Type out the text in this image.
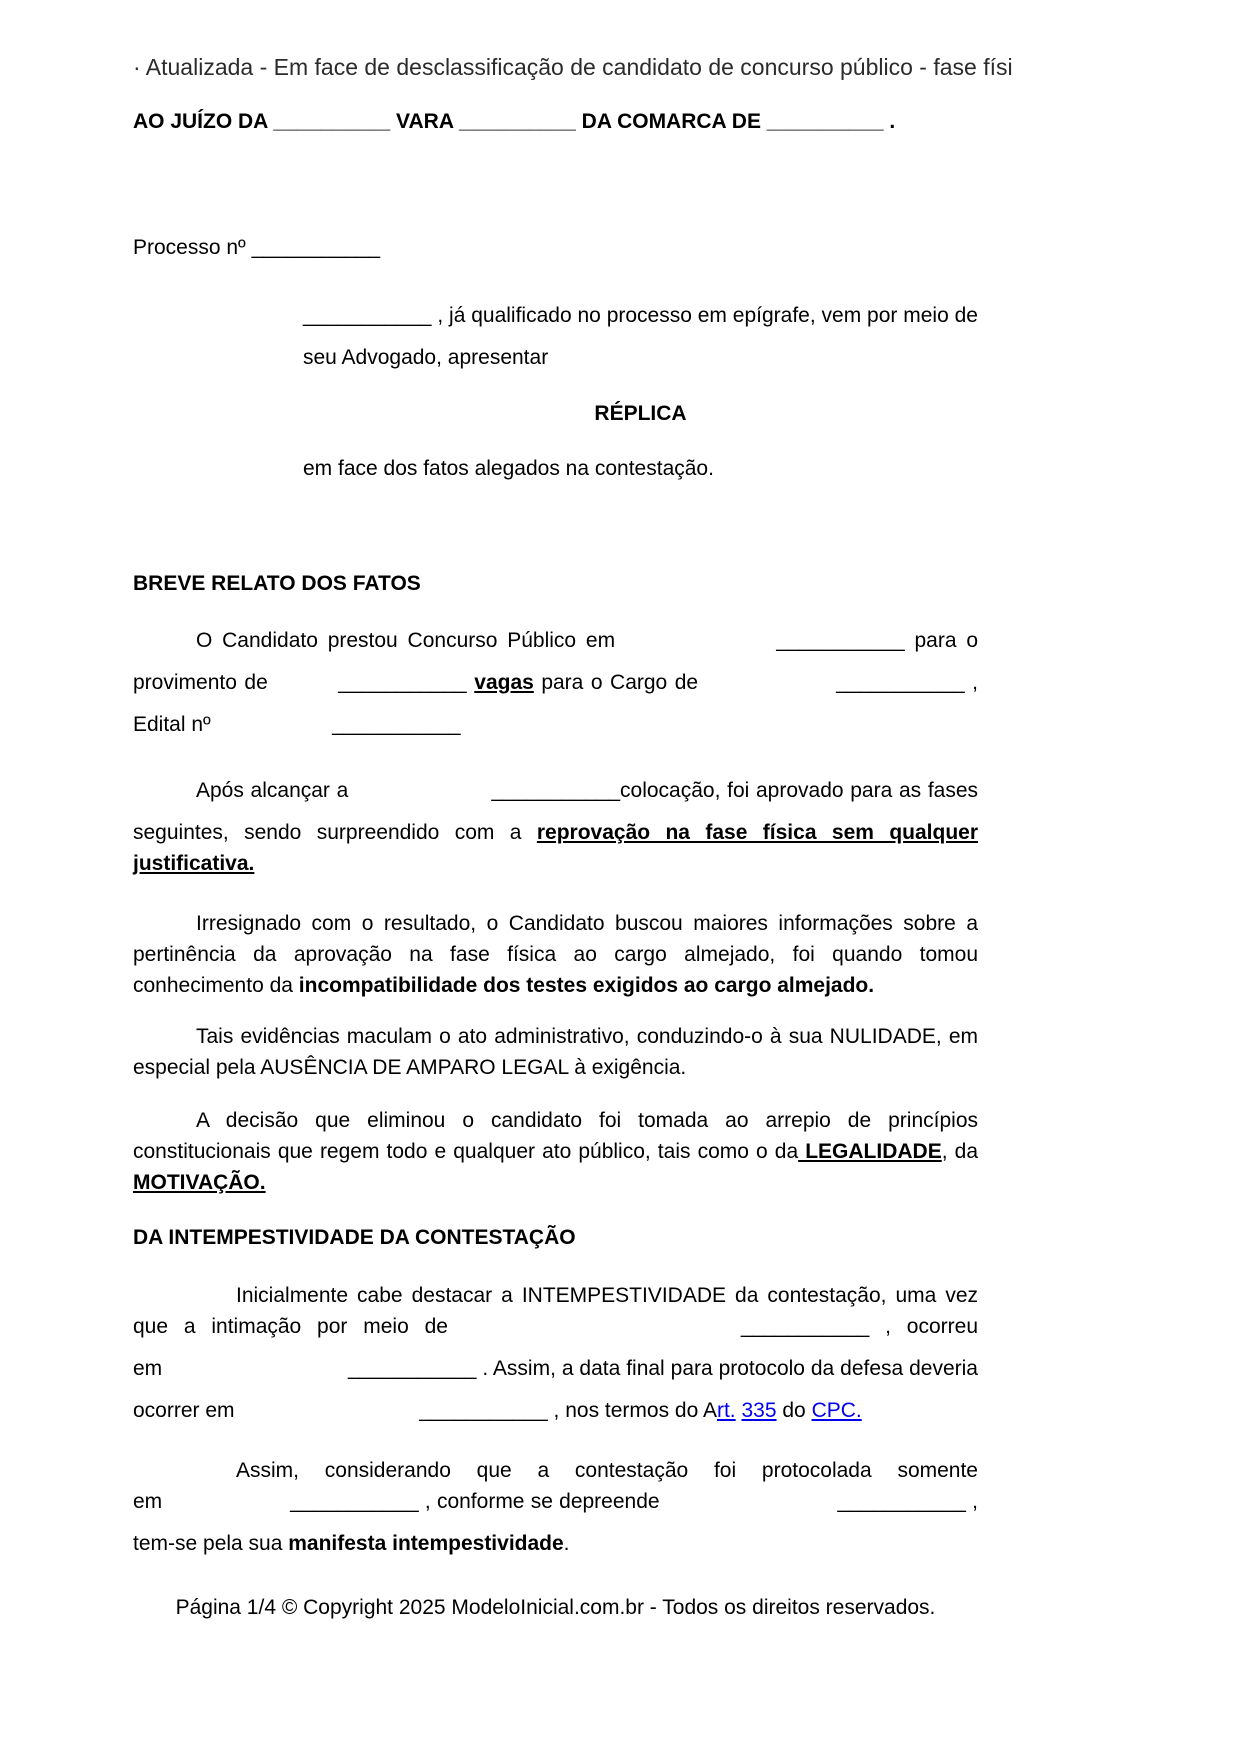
· Atualizada - Em face de desclassificação de candidato de concurso público - fase físi
AO JUÍZO DA __________ VARA __________ DA COMARCA DE __________ .
Processo nº ___________
___________ , já qualificado no processo em epígrafe, vem por meio de seu Advogado, apresentar
RÉPLICA
em face dos fatos alegados na contestação.
BREVE RELATO DOS FATOS
O Candidato prestou Concurso Público em	___________ para o provimento de	___________ vagas para o Cargo de	___________ , Edital nº	___________
Após alcançar a	___________colocação, foi aprovado para as fases seguintes, sendo surpreendido com a reprovação na fase física sem qualquer justificativa.
Irresignado com o resultado, o Candidato buscou maiores informações sobre a pertinência da aprovação na fase física ao cargo almejado, foi quando tomou conhecimento da incompatibilidade dos testes exigidos ao cargo almejado.
Tais evidências maculam o ato administrativo, conduzindo-o à sua NULIDADE, em especial pela AUSÊNCIA DE AMPARO LEGAL à exigência.
A decisão que eliminou o candidato foi tomada ao arrepio de princípios constitucionais que regem todo e qualquer ato público, tais como o da LEGALIDADE, da MOTIVAÇÃO.
DA INTEMPESTIVIDADE DA CONTESTAÇÃO
Inicialmente cabe destacar a INTEMPESTIVIDADE da contestação, uma vez que a intimação por meio de	___________ , ocorreu em	___________ . Assim, a data final para protocolo da defesa deveria ocorrer em	___________ , nos termos do Art. 335 do CPC.
Assim, considerando que a contestação foi protocolada somente em	___________ , conforme se depreende	___________ , tem-se pela sua manifesta intempestividade.
Página 1/4 © Copyright 2025 ModeloInicial.com.br - Todos os direitos reservados.
